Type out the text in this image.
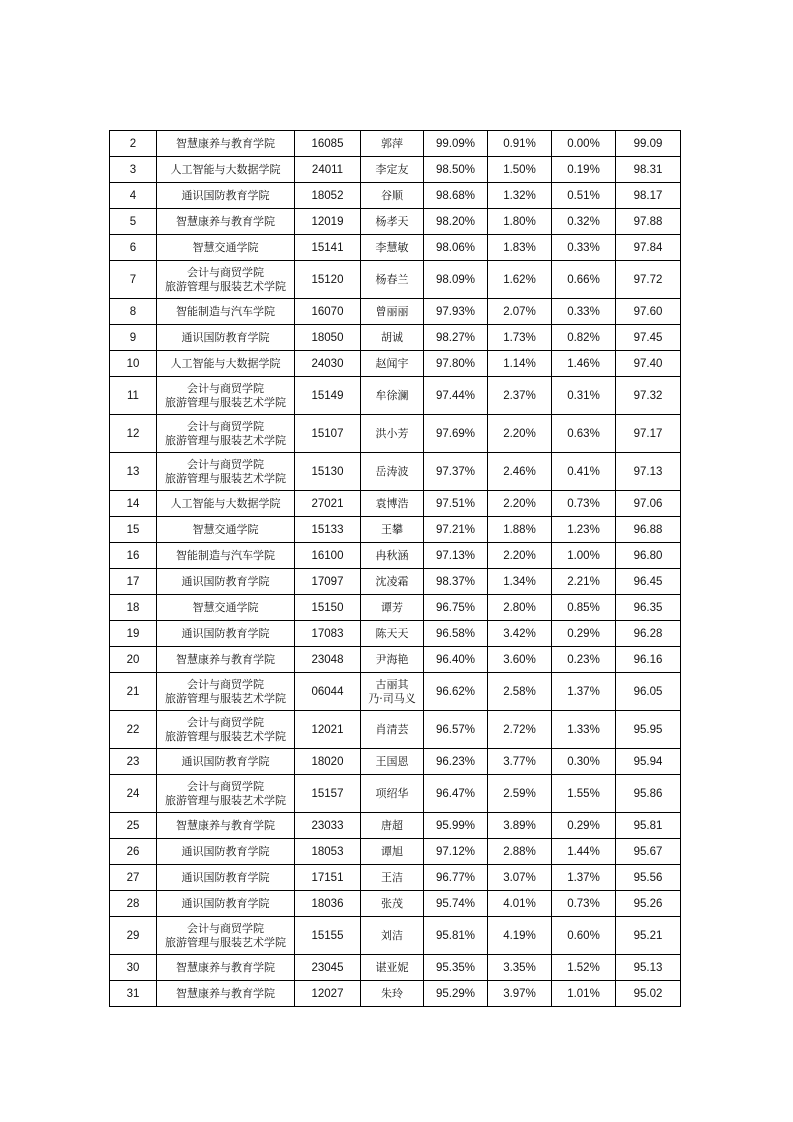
2	智慧康养与教育学院	16085	郭萍	99.09%	0.91%	0.00%	99.09
3	人工智能与大数据学院	24011	李定友	98.50%	1.50%	0.19%	98.31
4	通识国防教育学院	18052	谷顺	98.68%	1.32%	0.51%	98.17
5	智慧康养与教育学院	12019	杨孝天	98.20%	1.80%	0.32%	97.88
6	智慧交通学院	15141	李慧敏	98.06%	1.83%	0.33%	97.84
7	会计与商贸学院
旅游管理与服装艺术学院	15120	杨春兰	98.09%	1.62%	0.66%	97.72
8	智能制造与汽车学院	16070	曾丽丽	97.93%	2.07%	0.33%	97.60
9	通识国防教育学院	18050	胡诚	98.27%	1.73%	0.82%	97.45
10	人工智能与大数据学院	24030	赵闻宇	97.80%	1.14%	1.46%	97.40
11	会计与商贸学院
旅游管理与服装艺术学院	15149	牟徐澜	97.44%	2.37%	0.31%	97.32
12	会计与商贸学院
旅游管理与服装艺术学院	15107	洪小芳	97.69%	2.20%	0.63%	97.17
13	会计与商贸学院
旅游管理与服装艺术学院	15130	岳涛波	97.37%	2.46%	0.41%	97.13
14	人工智能与大数据学院	27021	袁博浩	97.51%	2.20%	0.73%	97.06
15	智慧交通学院	15133	王攀	97.21%	1.88%	1.23%	96.88
16	智能制造与汽车学院	16100	冉秋涵	97.13%	2.20%	1.00%	96.80
17	通识国防教育学院	17097	沈凌霜	98.37%	1.34%	2.21%	96.45
18	智慧交通学院	15150	谭芳	96.75%	2.80%	0.85%	96.35
19	通识国防教育学院	17083	陈天天	96.58%	3.42%	0.29%	96.28
20	智慧康养与教育学院	23048	尹海艳	96.40%	3.60%	0.23%	96.16
21	会计与商贸学院
旅游管理与服装艺术学院	06044	古丽其
乃·司马义	96.62%	2.58%	1.37%	96.05
22	会计与商贸学院
旅游管理与服装艺术学院	12021	肖清芸	96.57%	2.72%	1.33%	95.95
23	通识国防教育学院	18020	王国恩	96.23%	3.77%	0.30%	95.94
24	会计与商贸学院
旅游管理与服装艺术学院	15157	项绍华	96.47%	2.59%	1.55%	95.86
25	智慧康养与教育学院	23033	唐超	95.99%	3.89%	0.29%	95.81
26	通识国防教育学院	18053	谭旭	97.12%	2.88%	1.44%	95.67
27	通识国防教育学院	17151	王洁	96.77%	3.07%	1.37%	95.56
28	通识国防教育学院	18036	张茂	95.74%	4.01%	0.73%	95.26
29	会计与商贸学院
旅游管理与服装艺术学院	15155	刘洁	95.81%	4.19%	0.60%	95.21
30	智慧康养与教育学院	23045	谌亚妮	95.35%	3.35%	1.52%	95.13
31	智慧康养与教育学院	12027	朱玲	95.29%	3.97%	1.01%	95.02
